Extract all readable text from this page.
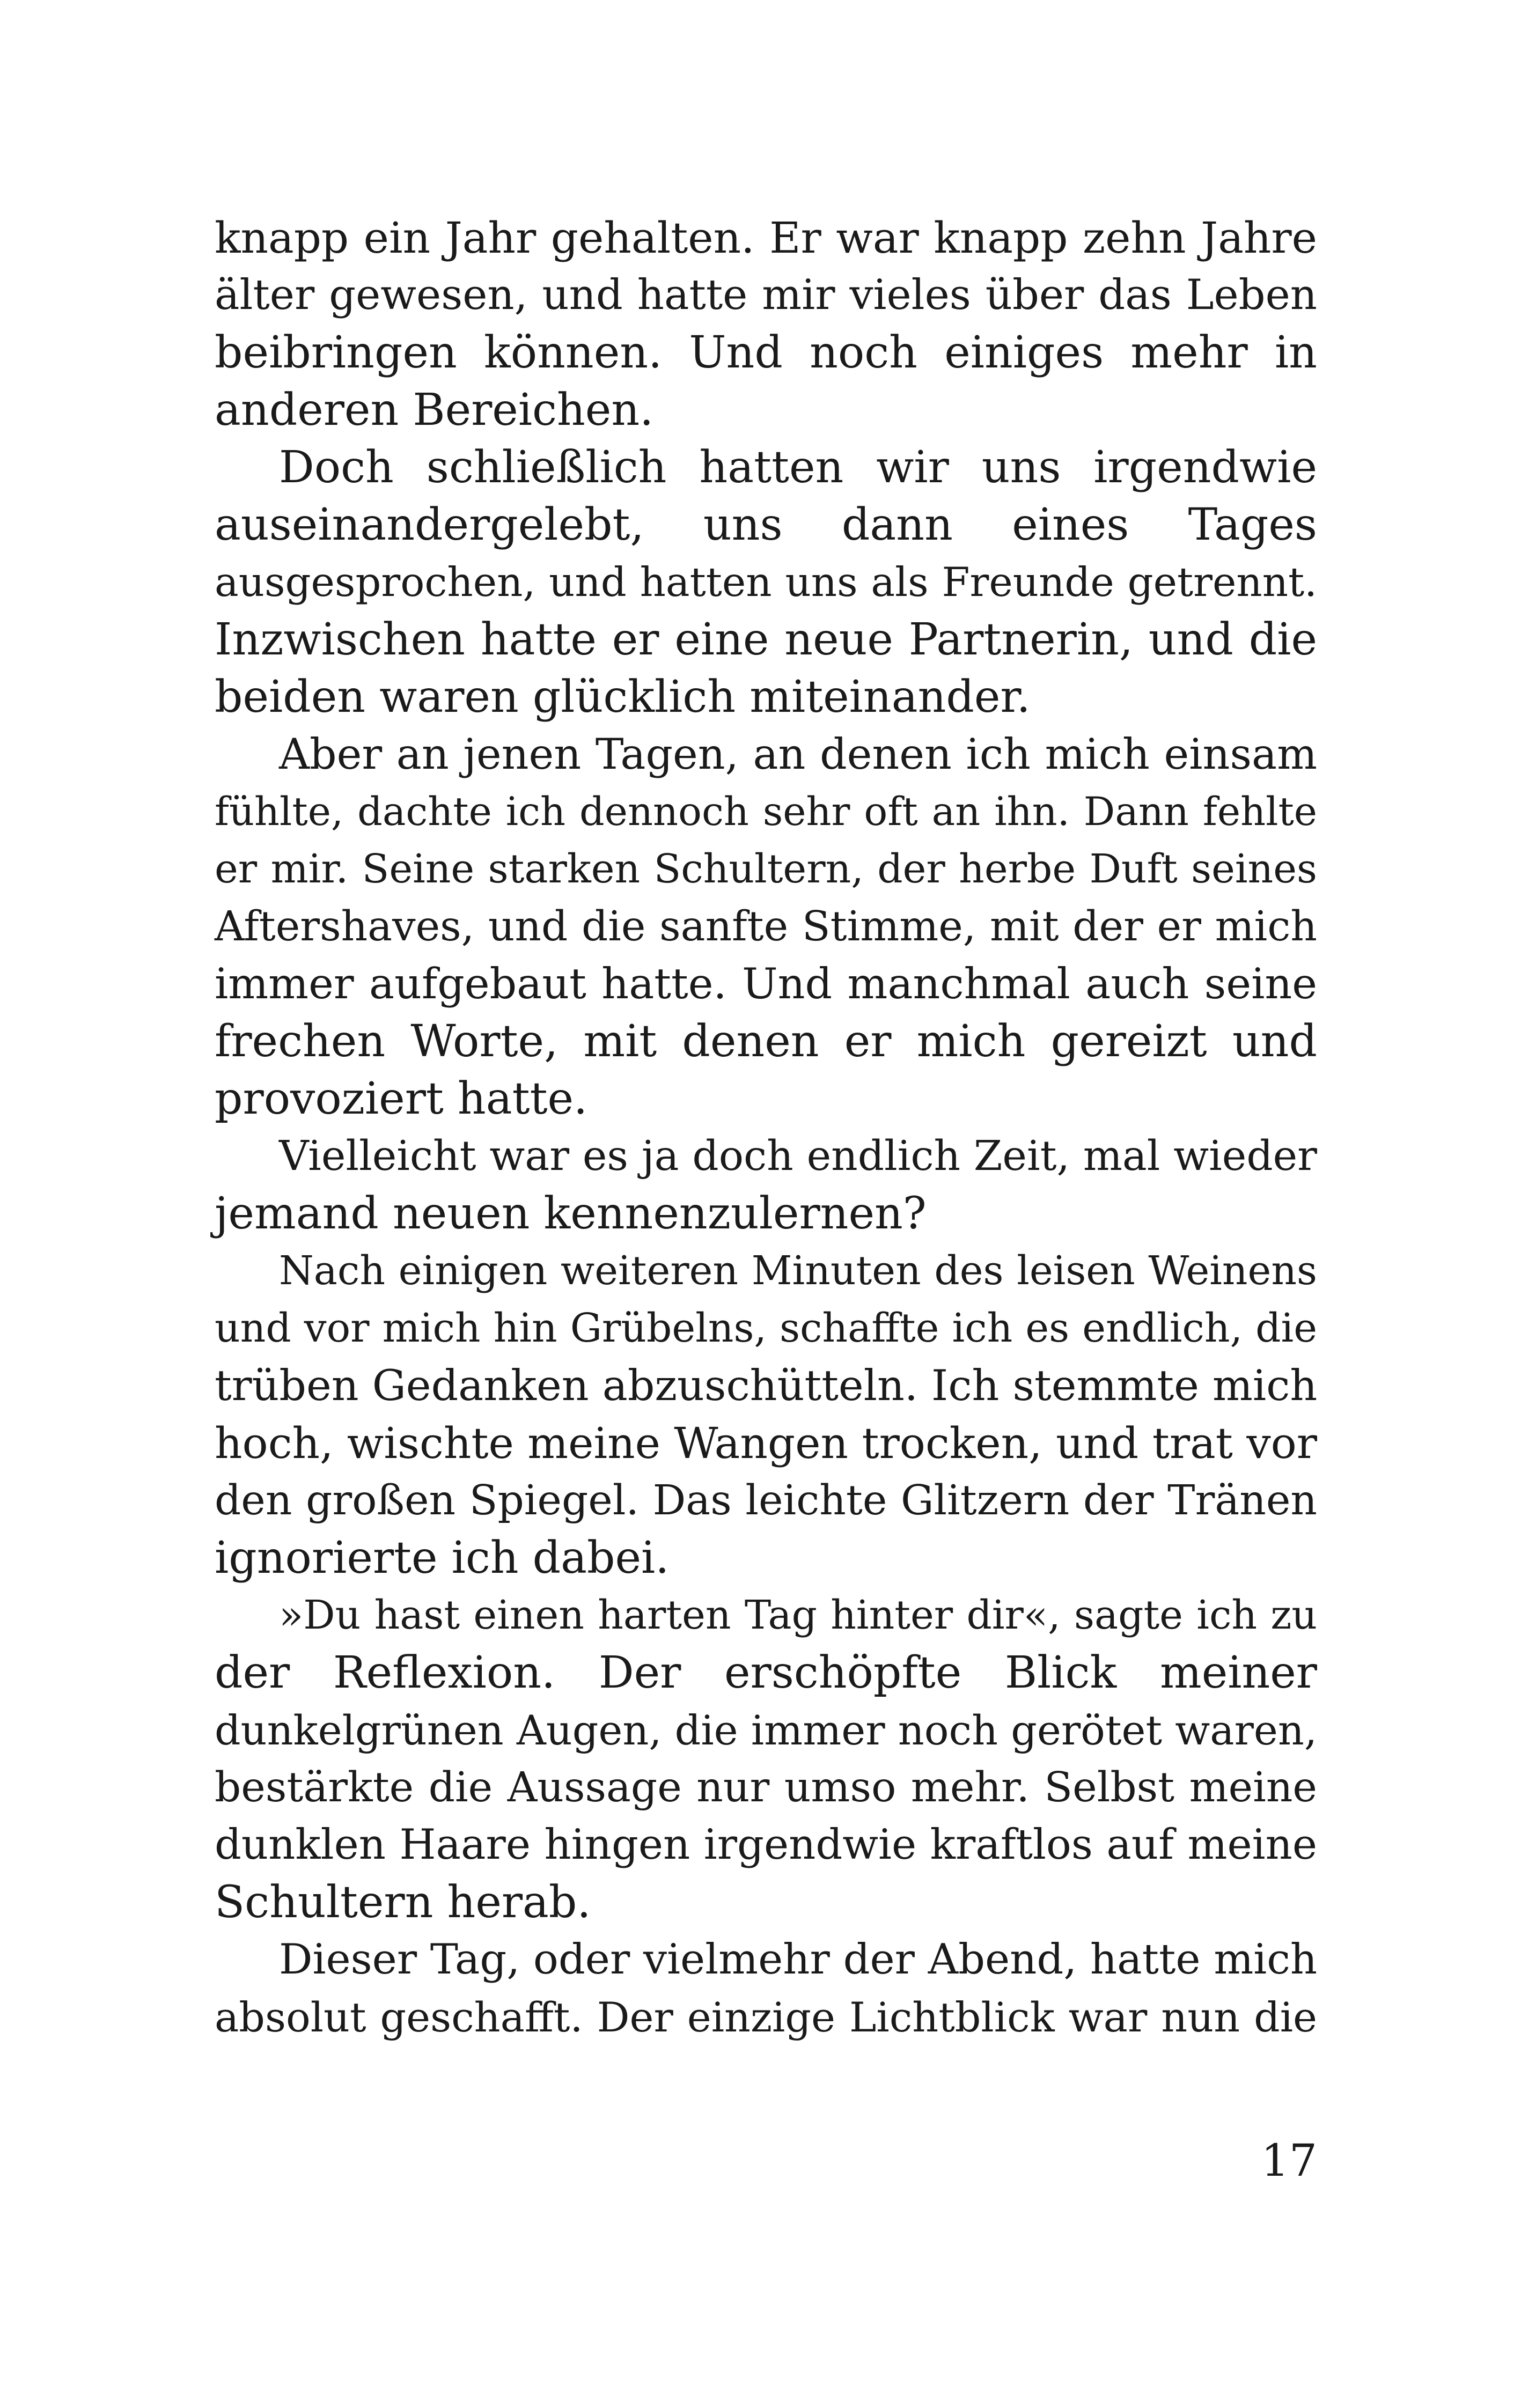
knapp ein Jahr gehalten. Er war knapp zehn Jahre
älter gewesen, und hatte mir vieles über das Leben
beibringen können. Und noch einiges mehr in
anderen Bereichen.
Doch schließlich hatten wir uns irgendwie
auseinandergelebt, uns dann eines Tages
ausgesprochen, und hatten uns als Freunde getrennt.
Inzwischen hatte er eine neue Partnerin, und die
beiden waren glücklich miteinander.
Aber an jenen Tagen, an denen ich mich einsam
fühlte, dachte ich dennoch sehr oft an ihn. Dann fehlte
er mir. Seine starken Schultern, der herbe Duft seines
Aftershaves, und die sanfte Stimme, mit der er mich
immer aufgebaut hatte. Und manchmal auch seine
frechen Worte, mit denen er mich gereizt und
provoziert hatte.
Vielleicht war es ja doch endlich Zeit, mal wieder
jemand neuen kennenzulernen?
Nach einigen weiteren Minuten des leisen Weinens
und vor mich hin Grübelns, schaffte ich es endlich, die
trüben Gedanken abzuschütteln. Ich stemmte mich
hoch, wischte meine Wangen trocken, und trat vor
den großen Spiegel. Das leichte Glitzern der Tränen
ignorierte ich dabei.
»Du hast einen harten Tag hinter dir«, sagte ich zu
der Reflexion. Der erschöpfte Blick meiner
dunkelgrünen Augen, die immer noch gerötet waren,
bestärkte die Aussage nur umso mehr. Selbst meine
dunklen Haare hingen irgendwie kraftlos auf meine
Schultern herab.
Dieser Tag, oder vielmehr der Abend, hatte mich
absolut geschafft. Der einzige Lichtblick war nun die
17
